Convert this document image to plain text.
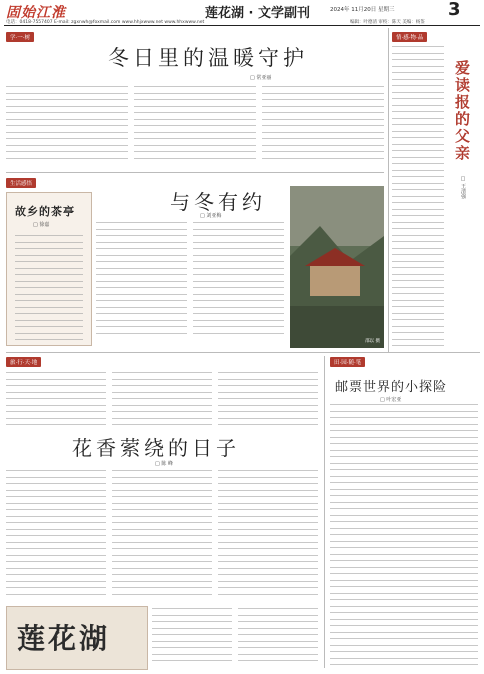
固始江淮	莲花湖 · 文学副刊	2024年 11月20日 星期三	3
电话：0418-7557407 E-mail: zgxnwh@foxmail.com www.hhjxwww.net www.hhxwww.net	编辑：叶德清 审校：陈天 美编：杨鉴
学·一·树
冬日里的温暖守护
□ 常亚丽
情·感·物·品
爱读报的父亲
□ 王清强
生活感悟
故乡的茶亭
□ 徐嘉
与冬有约
□ 刘亚梅
邵以 摄
田·园·随·笔
邮票世界的小探险
□ 叶宏亚
旅·行·天·地
花香萦绕的日子
□ 陈 峰
莲花湖
